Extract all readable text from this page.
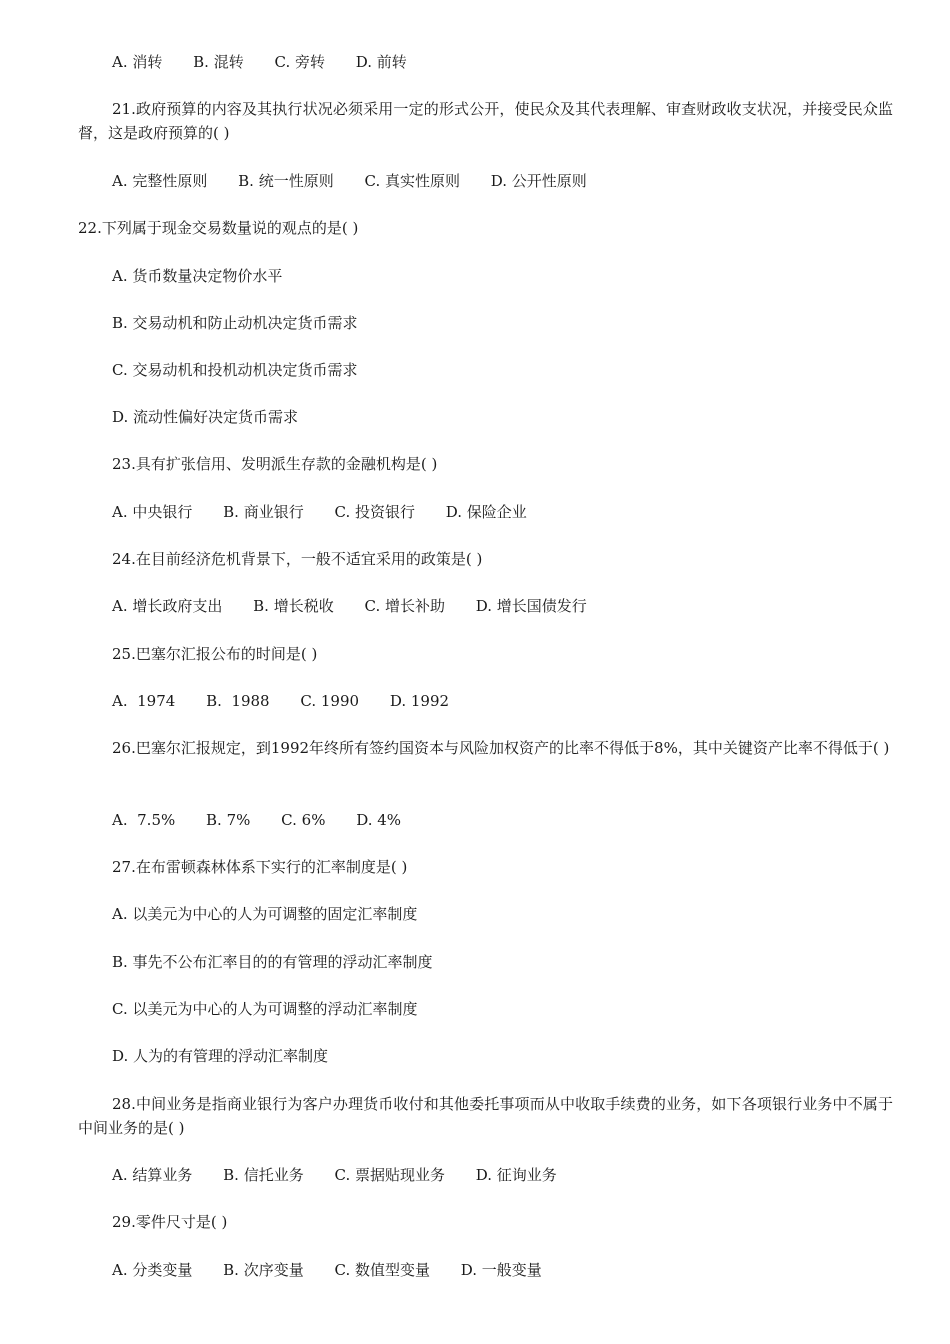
A. 消转 B. 混转 C. 旁转 D. 前转
21.政府预算的内容及其执行状况必须采用一定的形式公开，使民众及其代表理解、审查财政收支状况，并接受民众监督，这是政府预算的( )
A. 完整性原则 B. 统一性原则 C. 真实性原则 D. 公开性原则
22.下列属于现金交易数量说的观点的是( )
A. 货币数量决定物价水平
B. 交易动机和防止动机决定货币需求
C. 交易动机和投机动机决定货币需求
D. 流动性偏好决定货币需求
23.具有扩张信用、发明派生存款的金融机构是( )
A. 中央银行 B. 商业银行 C. 投资银行 D. 保险企业
24.在目前经济危机背景下，一般不适宜采用的政策是( )
A. 增长政府支出 B. 增长税收 C. 增长补助 D. 增长国债发行
25.巴塞尔汇报公布的时间是( )
A.  1974 B.  1988 C. 1990 D. 1992
26.巴塞尔汇报规定，到1992年终所有签约国资本与风险加权资产的比率不得低于8%，其中关键资产比率不得低于( )
A.  7.5% B. 7% C. 6% D. 4%
27.在布雷顿森林体系下实行的汇率制度是( )
A. 以美元为中心的人为可调整的固定汇率制度
B. 事先不公布汇率目的的有管理的浮动汇率制度
C. 以美元为中心的人为可调整的浮动汇率制度
D. 人为的有管理的浮动汇率制度
28.中间业务是指商业银行为客户办理货币收付和其他委托事项而从中收取手续费的业务，如下各项银行业务中不属于中间业务的是( )
A. 结算业务 B. 信托业务 C. 票据贴现业务 D. 征询业务
29.零件尺寸是( )
A. 分类变量 B. 次序变量 C. 数值型变量 D. 一般变量
